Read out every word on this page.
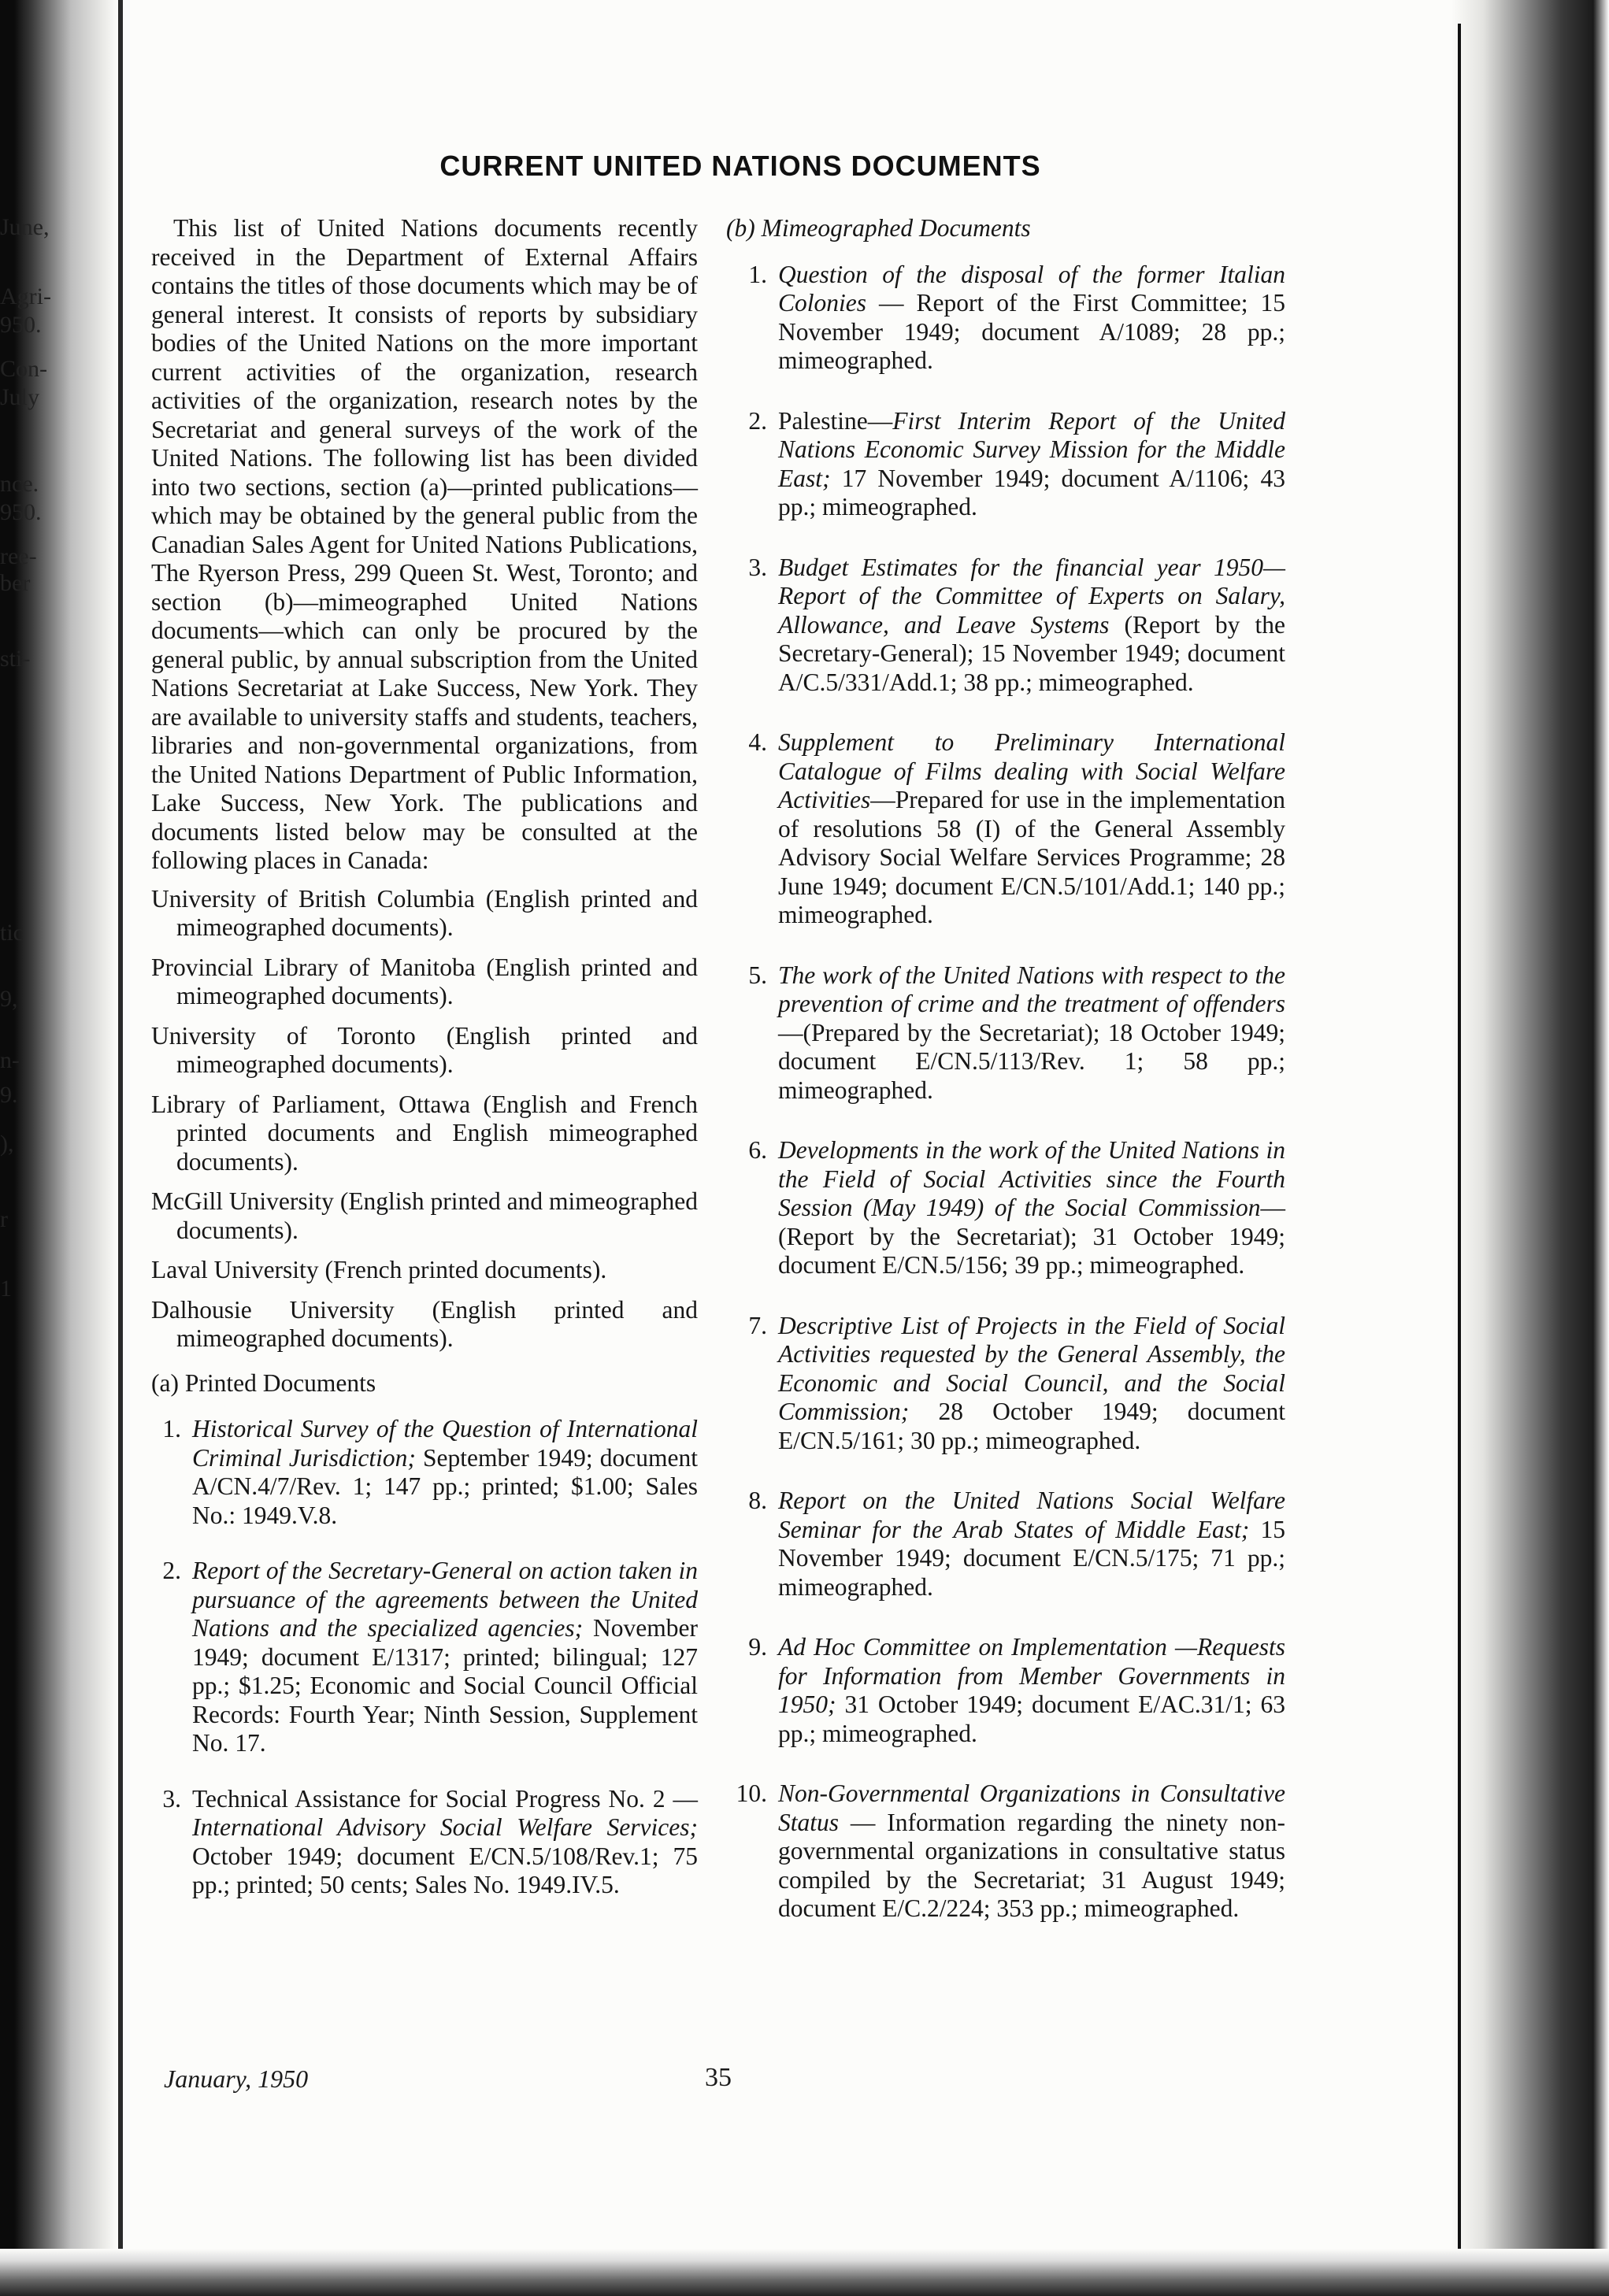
June,
Agri-
950.
Con-
July
nce.
950.
ree-
ber
sti-
tic
9,
n-
9.
),
r
1
CURRENT UNITED NATIONS DOCUMENTS

This list of United Nations documents recently received in the Department of External Affairs contains the titles of those documents which may be of general interest. It consists of reports by subsidiary bodies of the United Nations on the more important current activities of the organization, research activities of the organization, research notes by the Secretariat and general surveys of the work of the United Nations. The following list has been divided into two sections, section (a)—printed publications—which may be obtained by the general public from the Canadian Sales Agent for United Nations Publications, The Ryerson Press, 299 Queen St. West, Toronto; and section (b)—mimeographed United Nations documents—which can only be procured by the general public, by annual subscription from the United Nations Secretariat at Lake Success, New York. They are available to university staffs and students, teachers, libraries and non-governmental organizations, from the United Nations Department of Public Information, Lake Success, New York. The publications and documents listed below may be consulted at the following places in Canada:

University of British Columbia (English printed and mimeographed documents).
Provincial Library of Manitoba (English printed and mimeographed documents).
University of Toronto (English printed and mimeographed documents).
Library of Parliament, Ottawa (English and French printed documents and English mimeographed documents).
McGill University (English printed and mimeographed documents).
Laval University (French printed documents).
Dalhousie University (English printed and mimeographed documents).
(a) Printed Documents
1. Historical Survey of the Question of International Criminal Jurisdiction; September 1949; document A/CN.4/7/Rev. 1; 147 pp.; printed; $1.00; Sales No.: 1949.V.8.
2. Report of the Secretary-General on action taken in pursuance of the agreements between the United Nations and the specialized agencies; November 1949; document E/1317; printed; bilingual; 127 pp.; $1.25; Economic and Social Council Official Records: Fourth Year; Ninth Session, Supplement No. 17.
3. Technical Assistance for Social Progress No. 2 — International Advisory Social Welfare Services; October 1949; document E/CN.5/108/Rev.1; 75 pp.; printed; 50 cents; Sales No. 1949.IV.5.
(b) Mimeographed Documents
1. Question of the disposal of the former Italian Colonies — Report of the First Committee; 15 November 1949; document A/1089; 28 pp.; mimeographed.
2. Palestine—First Interim Report of the United Nations Economic Survey Mission for the Middle East; 17 November 1949; document A/1106; 43 pp.; mimeographed.
3. Budget Estimates for the financial year 1950—Report of the Committee of Experts on Salary, Allowance, and Leave Systems (Report by the Secretary-General); 15 November 1949; document A/C.5/331/Add.1; 38 pp.; mimeographed.
4. Supplement to Preliminary International Catalogue of Films dealing with Social Welfare Activities—Prepared for use in the implementation of resolutions 58 (I) of the General Assembly Advisory Social Welfare Services Programme; 28 June 1949; document E/CN.5/101/Add.1; 140 pp.; mimeographed.
5. The work of the United Nations with respect to the prevention of crime and the treatment of offenders—(Prepared by the Secretariat); 18 October 1949; document E/CN.5/113/Rev. 1; 58 pp.; mimeographed.
6. Developments in the work of the United Nations in the Field of Social Activities since the Fourth Session (May 1949) of the Social Commission—(Report by the Secretariat); 31 October 1949; document E/CN.5/156; 39 pp.; mimeographed.
7. Descriptive List of Projects in the Field of Social Activities requested by the General Assembly, the Economic and Social Council, and the Social Commission; 28 October 1949; document E/CN.5/161; 30 pp.; mimeographed.
8. Report on the United Nations Social Welfare Seminar for the Arab States of Middle East; 15 November 1949; document E/CN.5/175; 71 pp.; mimeographed.
9. Ad Hoc Committee on Implementation —Requests for Information from Member Governments in 1950; 31 October 1949; document E/AC.31/1; 63 pp.; mimeographed.
10. Non-Governmental Organizations in Consultative Status — Information regarding the ninety non-governmental organizations in consultative status compiled by the Secretariat; 31 August 1949; document E/C.2/224; 353 pp.; mimeographed.
January, 1950	35
